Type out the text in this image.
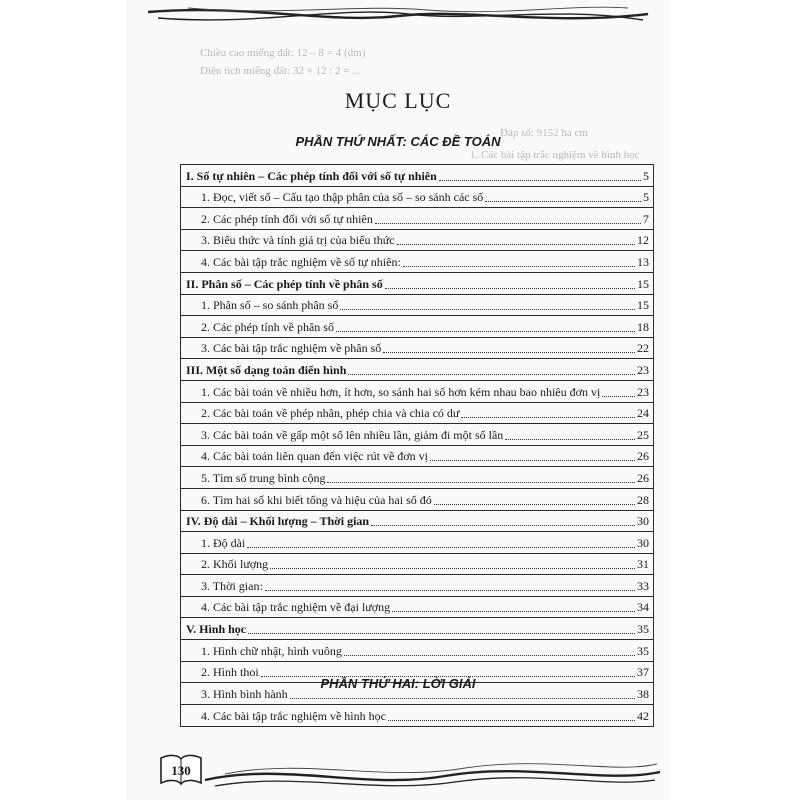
Chiều cao miếng đất: 12 – 8 = 4 (dm)
Diện tích miếng đất: 32 × 12 : 2 = ...
Đáp số: 9152 ha cm
1. Các bài tập trắc nghiệm về hình học
MỤC LỤC
PHẦN THỨ NHẤT: CÁC ĐỀ TOÁN
I. Số tự nhiên – Các phép tính đối với số tự nhiên	5
1. Đọc, viết số – Cấu tạo thập phân của số – so sánh các số	5
2. Các phép tính đối với số tự nhiên	7
3. Biểu thức và tính giá trị của biểu thức	12
4. Các bài tập trắc nghiệm về số tự nhiên:	13
II. Phân số – Các phép tính về phân số	15
1. Phân số – so sánh phân số	15
2. Các phép tính về phân số	18
3. Các bài tập trắc nghiệm về phân số	22
III. Một số dạng toán điển hình	23
1. Các bài toán về nhiều hơn, ít hơn, so sánh hai số hơn kém nhau bao nhiêu đơn vị	23
2. Các bài toán về phép nhân, phép chia và chia có dư	24
3. Các bài toán về gấp một số lên nhiều lần, giảm đi một số lần	25
4. Các bài toán liên quan đến việc rút về đơn vị	26
5. Tìm số trung bình cộng	26
6. Tìm hai số khi biết tổng và hiệu của hai số đó	28
IV. Độ dài – Khối lượng – Thời gian	30
1. Độ dài	30
2. Khối lượng	31
3. Thời gian:	33
4. Các bài tập trắc nghiệm về đại lượng	34
V. Hình học	35
1. Hình chữ nhật, hình vuông	35
2. Hình thoi	37
3. Hình bình hành	38
4. Các bài tập trắc nghiệm về hình học	42
PHẦN THỨ HAI: LỜI GIẢI
130
